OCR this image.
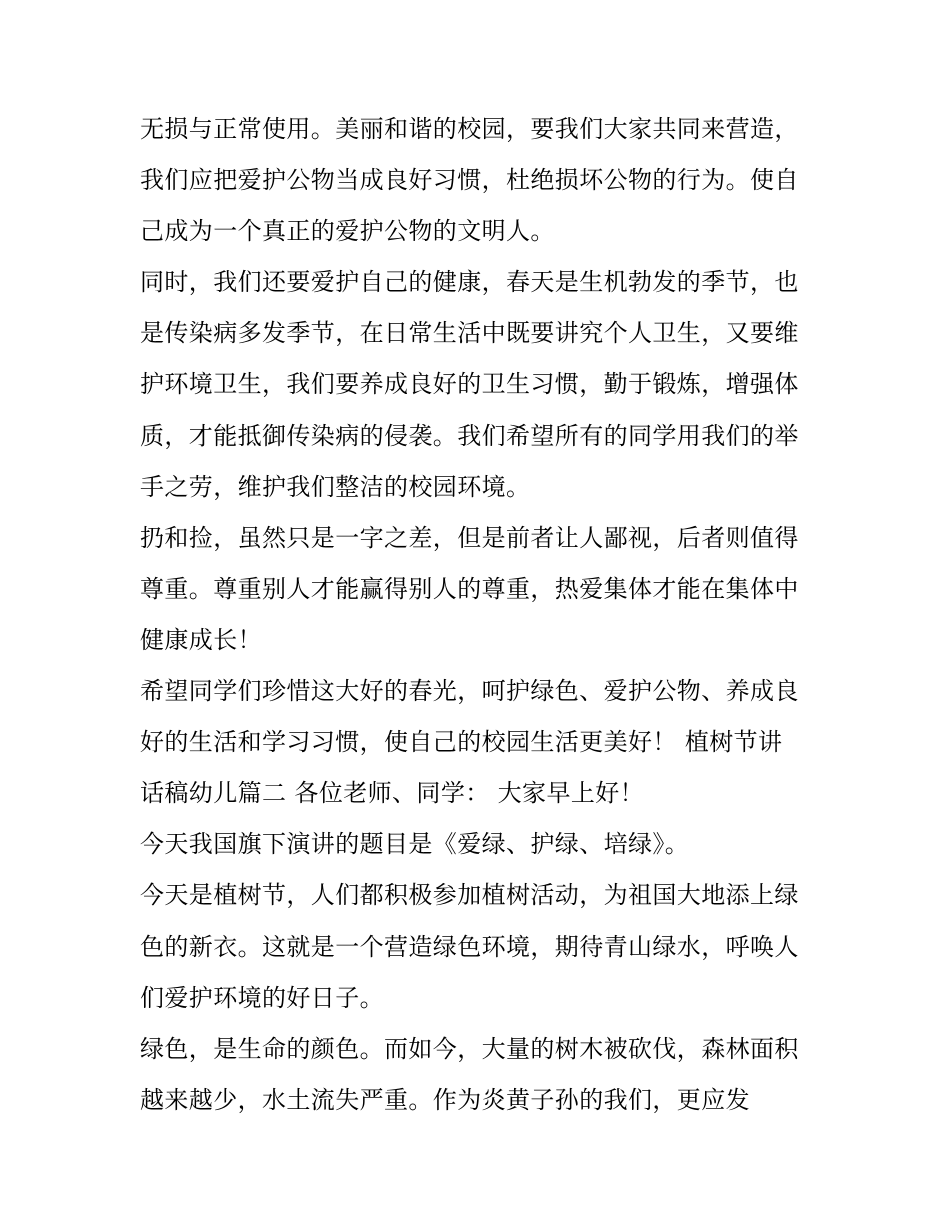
无损与正常使用。美丽和谐的校园，要我们大家共同来营造，
我们应把爱护公物当成良好习惯，杜绝损坏公物的行为。使自
己成为一个真正的爱护公物的文明人。
同时，我们还要爱护自己的健康，春天是生机勃发的季节，也
是传染病多发季节，在日常生活中既要讲究个人卫生，又要维
护环境卫生，我们要养成良好的卫生习惯，勤于锻炼，增强体
质，才能抵御传染病的侵袭。我们希望所有的同学用我们的举
手之劳，维护我们整洁的校园环境。
扔和捡，虽然只是一字之差，但是前者让人鄙视，后者则值得
尊重。尊重别人才能赢得别人的尊重，热爱集体才能在集体中
健康成长！
希望同学们珍惜这大好的春光，呵护绿色、爱护公物、养成良
好的生活和学习习惯，使自己的校园生活更美好！ 植树节讲
话稿幼儿篇二 各位老师、同学： 大家早上好！
今天我国旗下演讲的题目是《爱绿、护绿、培绿》。
今天是植树节，人们都积极参加植树活动，为祖国大地添上绿
色的新衣。这就是一个营造绿色环境，期待青山绿水，呼唤人
们爱护环境的好日子。
绿色，是生命的颜色。而如今，大量的树木被砍伐，森林面积
越来越少，水土流失严重。作为炎黄子孙的我们，更应发
